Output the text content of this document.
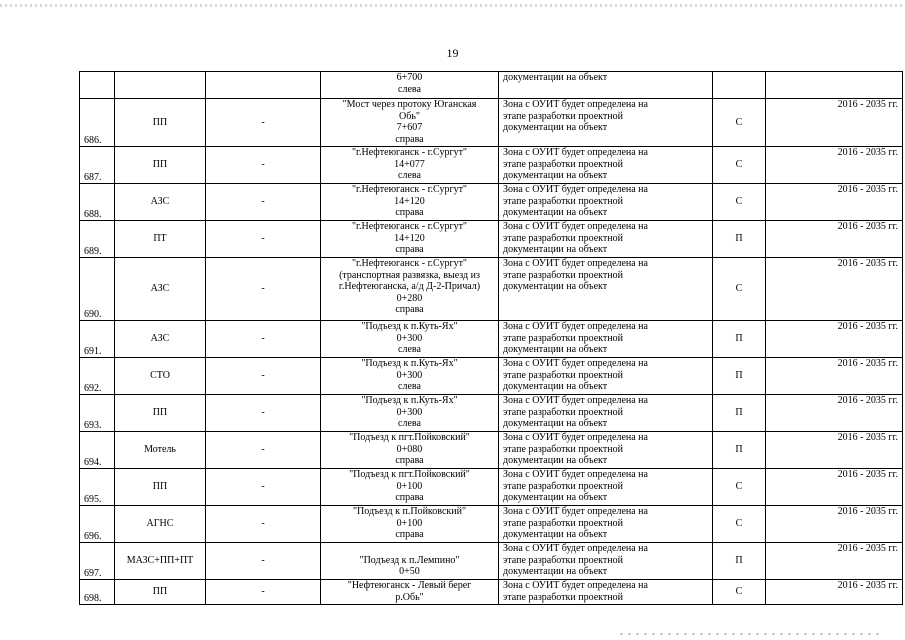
19

			6+700
слева	документации на объект		

686.	ПП	-	"Мост через протоку Юганская
Обь"
7+607
справа	Зона с ОУИТ будет определена на
этапе разработки проектной
документации на объект	С	2016 - 2035 гг.
687.	ПП	-	"г.Нефтеюганск - г.Сургут"
14+077
слева	Зона с ОУИТ будет определена на
этапе разработки проектной
документации на объект	С	2016 - 2035 гг.
688.	АЗС	-	"г.Нефтеюганск - г.Сургут"
14+120
справа	Зона с ОУИТ будет определена на
этапе разработки проектной
документации на объект	С	2016 - 2035 гг.
689.	ПТ	-	"г.Нефтеюганск - г.Сургут"
14+120
справа	Зона с ОУИТ будет определена на
этапе разработки проектной
документации на объект	П	2016 - 2035 гг.
690.	АЗС	-	"г.Нефтеюганск - г.Сургут"
(транспортная развязка, выезд из
г.Нефтеюганска, а/д Д-2-Причал)
0+280
справа	Зона с ОУИТ будет определена на
этапе разработки проектной
документации на объект	С	2016 - 2035 гг.
691.	АЗС	-	"Подъезд к п.Куть-Ях"
0+300
слева	Зона с ОУИТ будет определена на
этапе разработки проектной
документации на объект	П	2016 - 2035 гг.
692.	СТО	-	"Подъезд к п.Куть-Ях"
0+300
слева	Зона с ОУИТ будет определена на
этапе разработки проектной
документации на объект	П	2016 - 2035 гг.
693.	ПП	-	"Подъезд к п.Куть-Ях"
0+300
слева	Зона с ОУИТ будет определена на
этапе разработки проектной
документации на объект	П	2016 - 2035 гг.
694.	Мотель	-	"Подъезд к пгт.Пойковский"
0+080
справа	Зона с ОУИТ будет определена на
этапе разработки проектной
документации на объект	П	2016 - 2035 гг.
695.	ПП	-	"Подъезд к пгт.Пойковский"
0+100
справа	Зона с ОУИТ будет определена на
этапе разработки проектной
документации на объект	С	2016 - 2035 гг.
696.	АГНС	-	"Подъезд к п.Пойковский"
0+100
справа	Зона с ОУИТ будет определена на
этапе разработки проектной
документации на объект	С	2016 - 2035 гг.
697.	МАЗС+ПП+ПТ	-	"Подъезд к п.Лемпино"
0+50	Зона с ОУИТ будет определена на
этапе разработки проектной
документации на объект	П	2016 - 2035 гг.
698.	ПП	-	"Нефтеюганск - Левый берег
р.Обь"	Зона с ОУИТ будет определена на
этапе разработки проектной	С	2016 - 2035 гг.
